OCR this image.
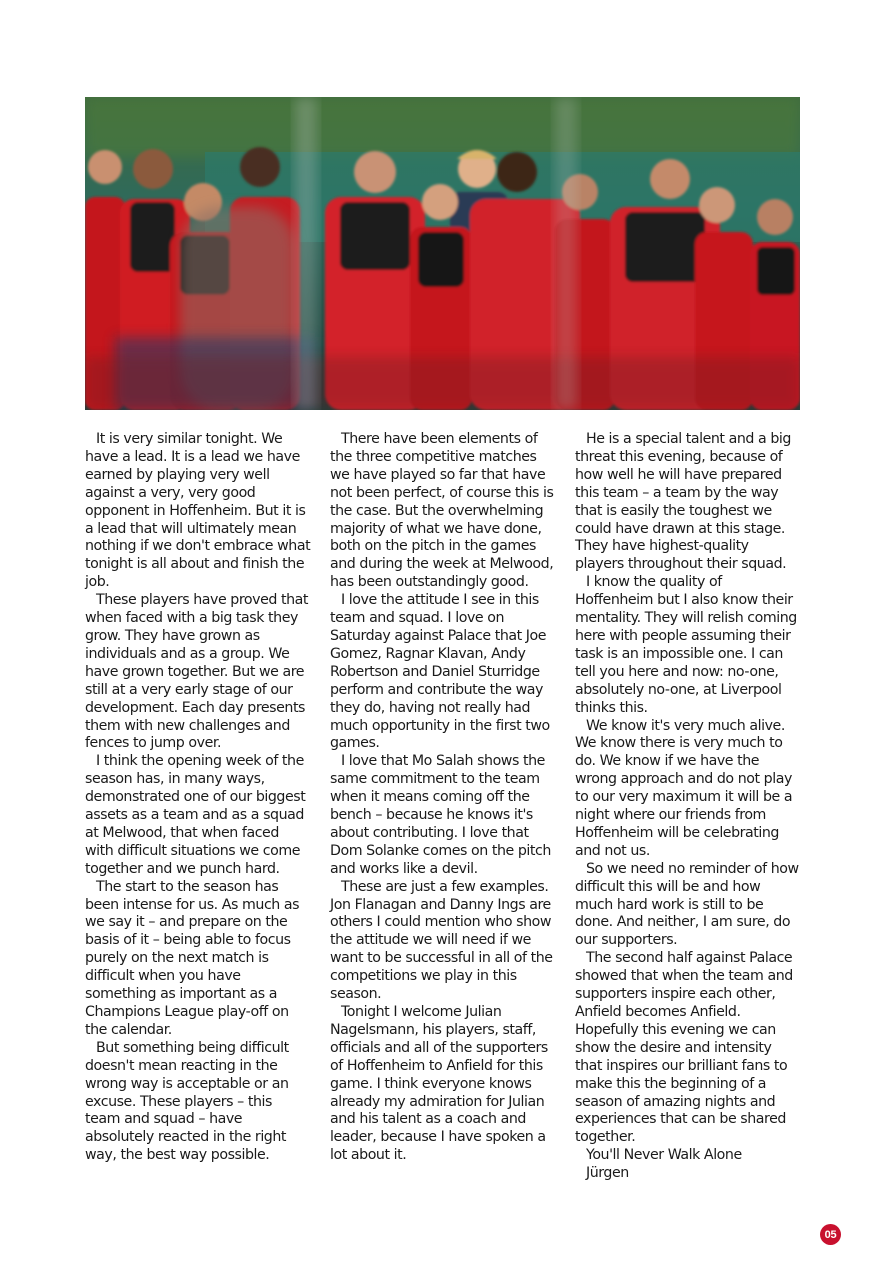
It is very similar tonight. We have a lead. It is a lead we have earned by playing very well against a very, very good opponent in Hoffenheim. But it is a lead that will ultimately mean nothing if we don't embrace what tonight is all about and finish the job.

These players have proved that when faced with a big task they grow. They have grown as individuals and as a group. We have grown together. But we are still at a very early stage of our development. Each day presents them with new challenges and fences to jump over.

I think the opening week of the season has, in many ways, demonstrated one of our biggest assets as a team and as a squad at Melwood, that when faced with difficult situations we come together and we punch hard.

The start to the season has been intense for us. As much as we say it – and prepare on the basis of it – being able to focus purely on the next match is difficult when you have something as important as a Champions League play-off on the calendar.

But something being difficult doesn't mean reacting in the wrong way is acceptable or an excuse. These players – this team and squad – have absolutely reacted in the right way, the best way possible.

There have been elements of the three competitive matches we have played so far that have not been perfect, of course this is the case. But the overwhelming majority of what we have done, both on the pitch in the games and during the week at Melwood, has been outstandingly good.

I love the attitude I see in this team and squad. I love on Saturday against Palace that Joe Gomez, Ragnar Klavan, Andy Robertson and Daniel Sturridge perform and contribute the way they do, having not really had much opportunity in the first two games.

I love that Mo Salah shows the same commitment to the team when it means coming off the bench – because he knows it's about contributing. I love that Dom Solanke comes on the pitch and works like a devil.

These are just a few examples. Jon Flanagan and Danny Ings are others I could mention who show the attitude we will need if we want to be successful in all of the competitions we play in this season.

Tonight I welcome Julian Nagelsmann, his players, staff, officials and all of the supporters of Hoffenheim to Anfield for this game. I think everyone knows already my admiration for Julian and his talent as a coach and leader, because I have spoken a lot about it.

He is a special talent and a big threat this evening, because of how well he will have prepared this team – a team by the way that is easily the toughest we could have drawn at this stage. They have highest-quality players throughout their squad.

I know the quality of Hoffenheim but I also know their mentality. They will relish coming here with people assuming their task is an impossible one. I can tell you here and now: no-one, absolutely no-one, at Liverpool thinks this.

We know it's very much alive. We know there is very much to do. We know if we have the wrong approach and do not play to our very maximum it will be a night where our friends from Hoffenheim will be celebrating and not us.

So we need no reminder of how difficult this will be and how much hard work is still to be done. And neither, I am sure, do our supporters.

The second half against Palace showed that when the team and supporters inspire each other, Anfield becomes Anfield. Hopefully this evening we can show the desire and intensity that inspires our brilliant fans to make this the beginning of a season of amazing nights and experiences that can be shared together.

You'll Never Walk Alone

Jürgen

05
